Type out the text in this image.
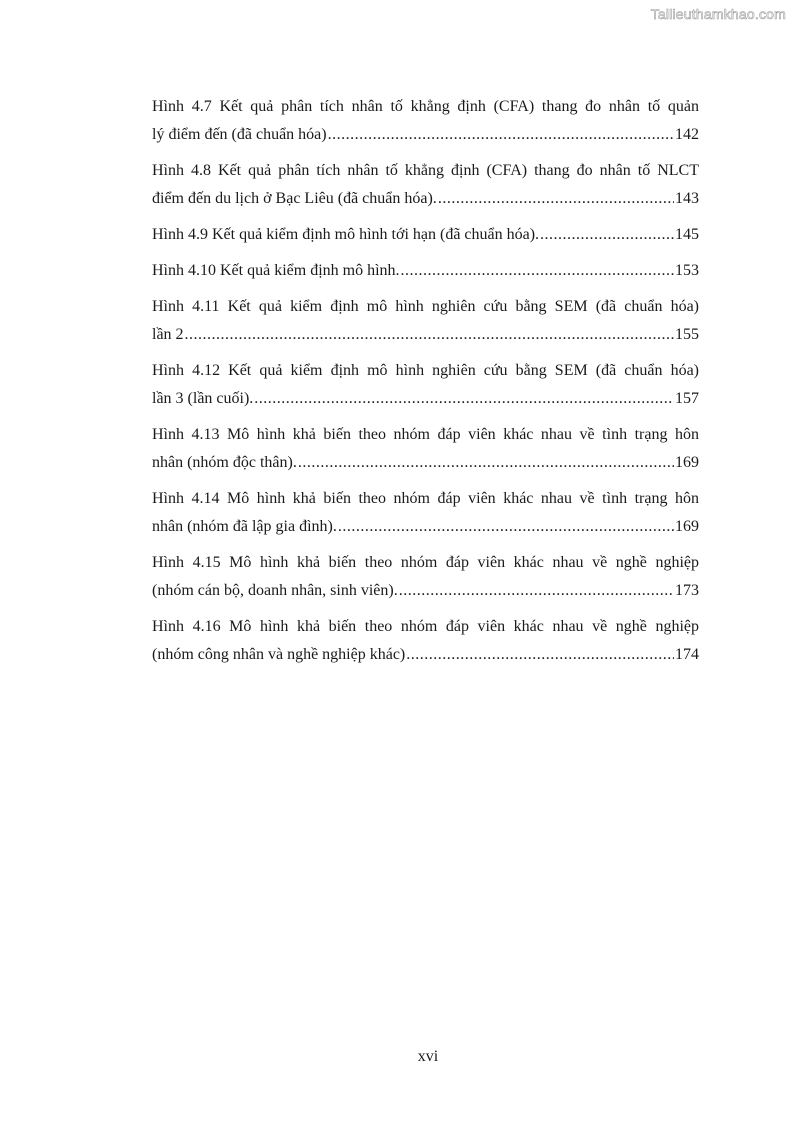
Tailieuthamkhao.com
Hình 4.7 Kết quả phân tích nhân tố khẳng định (CFA) thang đo nhân tố quản
lý điểm đến (đã chuẩn hóa) .....	142
Hình 4.8 Kết quả phân tích nhân tố khẳng định (CFA) thang đo nhân tố NLCT
điểm đến du lịch ở Bạc Liêu (đã chuẩn hóa). .....	143
Hình 4.9 Kết quả kiểm định mô hình tới hạn (đã chuẩn hóa). .....	145
Hình 4.10 Kết quả kiểm định mô hình. .....	153
Hình 4.11 Kết quả kiểm định mô hình nghiên cứu bằng SEM (đã chuẩn hóa)
lần 2 .....	155
Hình 4.12 Kết quả kiểm định mô hình nghiên cứu bằng SEM (đã chuẩn hóa)
lần 3 (lần cuối). .....	157
Hình 4.13 Mô hình khả biến theo nhóm đáp viên khác nhau về tình trạng hôn
nhân (nhóm độc thân). .....	169
Hình 4.14 Mô hình khả biến theo nhóm đáp viên khác nhau về tình trạng hôn
nhân (nhóm đã lập gia đình). .....	169
Hình 4.15 Mô hình khả biến theo nhóm đáp viên khác nhau về nghề nghiệp
(nhóm cán bộ, doanh nhân, sinh viên). .....	173
Hình 4.16 Mô hình khả biến theo nhóm đáp viên khác nhau về nghề nghiệp
(nhóm công nhân và nghề nghiệp khác) .....	174
xvi
